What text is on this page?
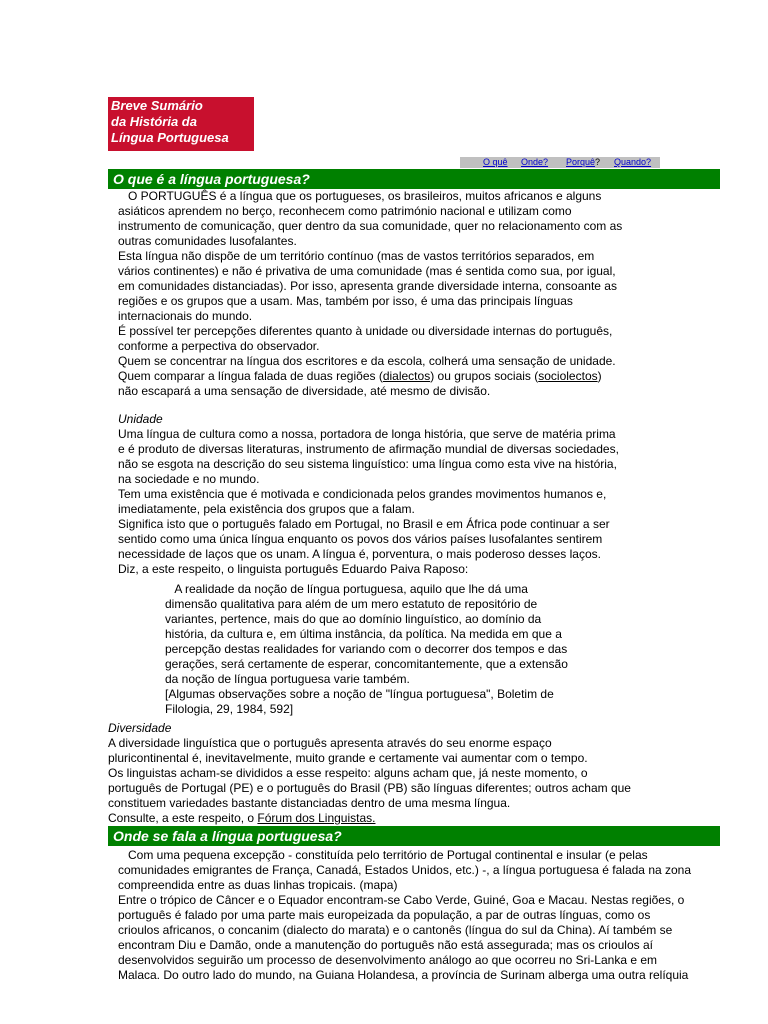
Breve Sumário
da História da
Língua Portuguesa
O quê Onde? Porquê? Quando?
O que é a língua portuguesa?

O PORTUGUÊS é a língua que os portugueses, os brasileiros, muitos africanos e alguns

asiáticos aprendem no berço, reconhecem como património nacional e utilizam como

instrumento de comunicação, quer dentro da sua comunidade, quer no relacionamento com as

outras comunidades lusofalantes.

Esta língua não dispõe de um território contínuo (mas de vastos territórios separados, em

vários continentes) e não é privativa de uma comunidade (mas é sentida como sua, por igual,

em comunidades distanciadas). Por isso, apresenta grande diversidade interna, consoante as

regiões e os grupos que a usam. Mas, também por isso, é uma das principais línguas

internacionais do mundo.

É possível ter percepções diferentes quanto à unidade ou diversidade internas do português,

conforme a perpectiva do observador.

Quem se concentrar na língua dos escritores e da escola, colherá uma sensação de unidade.

Quem comparar a língua falada de duas regiões (dialectos) ou grupos sociais (sociolectos)

não escapará a uma sensação de diversidade, até mesmo de divisão.

Unidade

Uma língua de cultura como a nossa, portadora de longa história, que serve de matéria prima

e é produto de diversas literaturas, instrumento de afirmação mundial de diversas sociedades,

não se esgota na descrição do seu sistema linguístico: uma língua como esta vive na história,

na sociedade e no mundo.

Tem uma existência que é motivada e condicionada pelos grandes movimentos humanos e,

imediatamente, pela existência dos grupos que a falam.

Significa isto que o português falado em Portugal, no Brasil e em África pode continuar a ser

sentido como uma única língua enquanto os povos dos vários países lusofalantes sentirem

necessidade de laços que os unam. A língua é, porventura, o mais poderoso desses laços.

Diz, a este respeito, o linguista português Eduardo Paiva Raposo:

A realidade da noção de língua portuguesa, aquilo que lhe dá uma

dimensão qualitativa para além de um mero estatuto de repositório de

variantes, pertence, mais do que ao domínio linguístico, ao domínio da

história, da cultura e, em última instância, da política. Na medida em que a

percepção destas realidades for variando com o decorrer dos tempos e das

gerações, será certamente de esperar, concomitantemente, que a extensão

da noção de língua portuguesa varie também.

[Algumas observações sobre a noção de "língua portuguesa", Boletim de

Filologia, 29, 1984, 592]

Diversidade

A diversidade linguística que o português apresenta através do seu enorme espaço

pluricontinental é, inevitavelmente, muito grande e certamente vai aumentar com o tempo.

Os linguistas acham-se divididos a esse respeito: alguns acham que, já neste momento, o

português de Portugal (PE) e o português do Brasil (PB) são línguas diferentes; outros acham que

constituem variedades bastante distanciadas dentro de uma mesma língua.

Consulte, a este respeito, o Fórum dos Linguistas.

Onde se fala a língua portuguesa?

Com uma pequena excepção - constituída pelo território de Portugal continental e insular (e pelas

comunidades emigrantes de França, Canadá, Estados Unidos, etc.) -, a língua portuguesa é falada na zona

compreendida entre as duas linhas tropicais. (mapa)

Entre o trópico de Câncer e o Equador encontram-se Cabo Verde, Guiné, Goa e Macau. Nestas regiões, o

português é falado por uma parte mais europeizada da população, a par de outras línguas, como os

crioulos africanos, o concanim (dialecto do marata) e o cantonês (língua do sul da China). Aí também se

encontram Diu e Damão, onde a manutenção do português não está assegurada; mas os crioulos aí

desenvolvidos seguirão um processo de desenvolvimento análogo ao que ocorreu no Sri-Lanka e em

Malaca. Do outro lado do mundo, na Guiana Holandesa, a província de Surinam alberga uma outra relíquia
